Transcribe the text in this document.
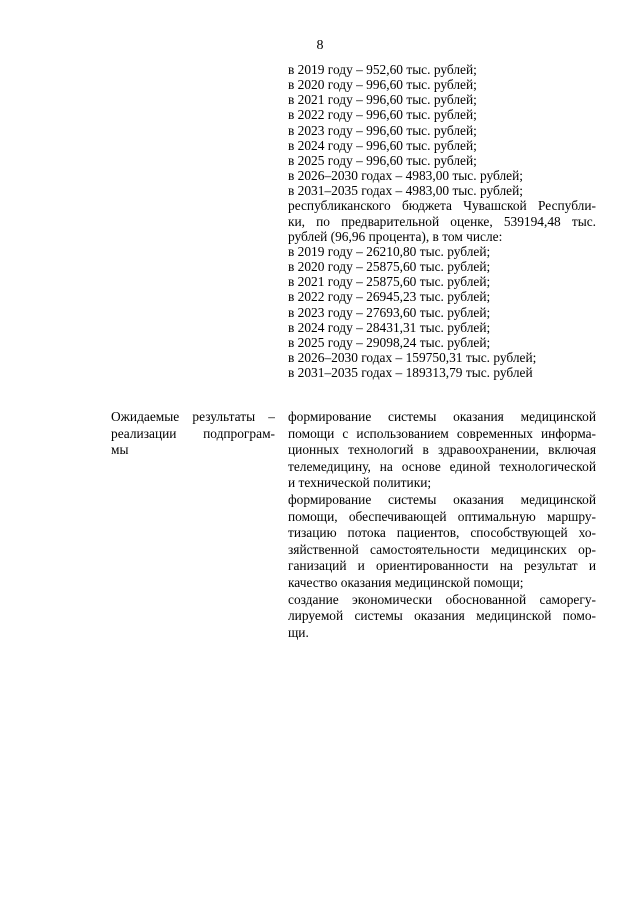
8
в 2019 году – 952,60 тыс. рублей;
в 2020 году – 996,60 тыс. рублей;
в 2021 году – 996,60 тыс. рублей;
в 2022 году – 996,60 тыс. рублей;
в 2023 году – 996,60 тыс. рублей;
в 2024 году – 996,60 тыс. рублей;
в 2025 году – 996,60 тыс. рублей;
в 2026–2030 годах – 4983,00 тыс. рублей;
в 2031–2035 годах – 4983,00 тыс. рублей;
республиканского бюджета Чувашской Республи-
ки, по предварительной оценке, 539194,48 тыс.
рублей (96,96 процента), в том числе:
в 2019 году – 26210,80 тыс. рублей;
в 2020 году – 25875,60 тыс. рублей;
в 2021 году – 25875,60 тыс. рублей;
в 2022 году – 26945,23 тыс. рублей;
в 2023 году – 27693,60 тыс. рублей;
в 2024 году – 28431,31 тыс. рублей;
в 2025 году – 29098,24 тыс. рублей;
в 2026–2030 годах – 159750,31 тыс. рублей;
в 2031–2035 годах – 189313,79 тыс. рублей
Ожидаемые результаты –
реализации подпрограм-
мы
формирование системы оказания медицинской
помощи с использованием современных информа-
ционных технологий в здравоохранении, включая
телемедицину, на основе единой технологической
и технической политики;
формирование системы оказания медицинской
помощи, обеспечивающей оптимальную маршру-
тизацию потока пациентов, способствующей хо-
зяйственной самостоятельности медицинских ор-
ганизаций и ориентированности на результат и
качество оказания медицинской помощи;
создание экономически обоснованной саморегу-
лируемой системы оказания медицинской помо-
щи.
